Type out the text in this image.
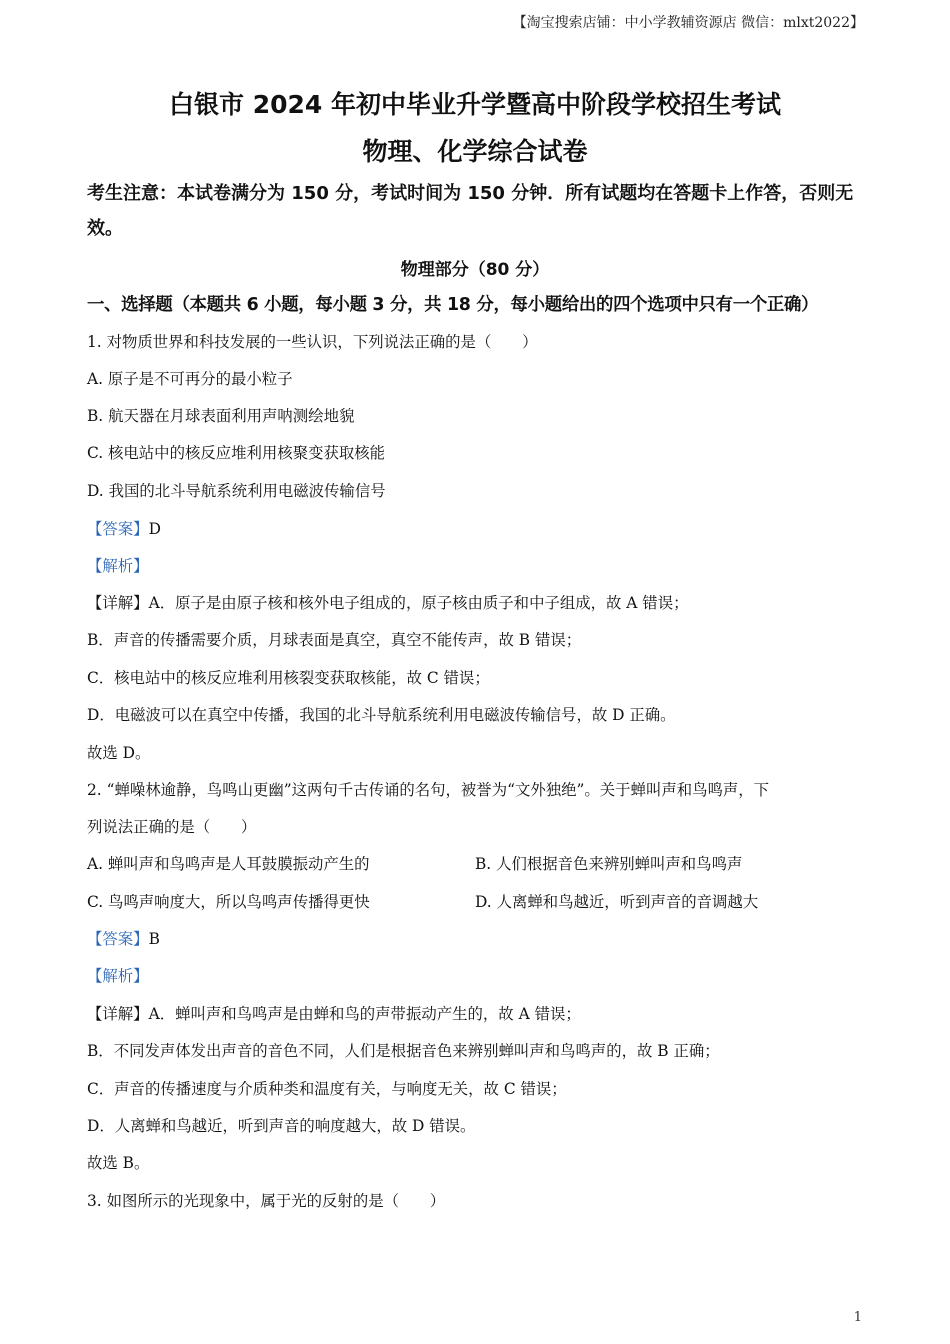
【淘宝搜索店铺：中小学教辅资源店 微信：mlxt2022】
白银市 2024 年初中毕业升学暨高中阶段学校招生考试
物理、化学综合试卷
考生注意：本试卷满分为 150 分，考试时间为 150 分钟．所有试题均在答题卡上作答，否则无效。
物理部分（80 分）
一、选择题（本题共 6 小题，每小题 3 分，共 18 分，每小题给出的四个选项中只有一个正确）
1. 对物质世界和科技发展的一些认识，下列说法正确的是（　　）
A. 原子是不可再分的最小粒子
B. 航天器在月球表面利用声呐测绘地貌
C. 核电站中的核反应堆利用核聚变获取核能
D. 我国的北斗导航系统利用电磁波传输信号
【答案】D
【解析】
【详解】A．原子是由原子核和核外电子组成的，原子核由质子和中子组成，故 A 错误；
B．声音的传播需要介质，月球表面是真空，真空不能传声，故 B 错误；
C．核电站中的核反应堆利用核裂变获取核能，故 C 错误；
D．电磁波可以在真空中传播，我国的北斗导航系统利用电磁波传输信号，故 D 正确。
故选 D。
2. “蝉噪林逾静，鸟鸣山更幽”这两句千古传诵的名句，被誉为“文外独绝”。关于蝉叫声和鸟鸣声，下
列说法正确的是（　　）
A. 蝉叫声和鸟鸣声是人耳鼓膜振动产生的	B. 人们根据音色来辨别蝉叫声和鸟鸣声
C. 鸟鸣声响度大，所以鸟鸣声传播得更快	D. 人离蝉和鸟越近，听到声音的音调越大
【答案】B
【解析】
【详解】A．蝉叫声和鸟鸣声是由蝉和鸟的声带振动产生的，故 A 错误；
B．不同发声体发出声音的音色不同，人们是根据音色来辨别蝉叫声和鸟鸣声的，故 B 正确；
C．声音的传播速度与介质种类和温度有关，与响度无关，故 C 错误；
D．人离蝉和鸟越近，听到声音的响度越大，故 D 错误。
故选 B。
3. 如图所示的光现象中，属于光的反射的是（　　）
1
